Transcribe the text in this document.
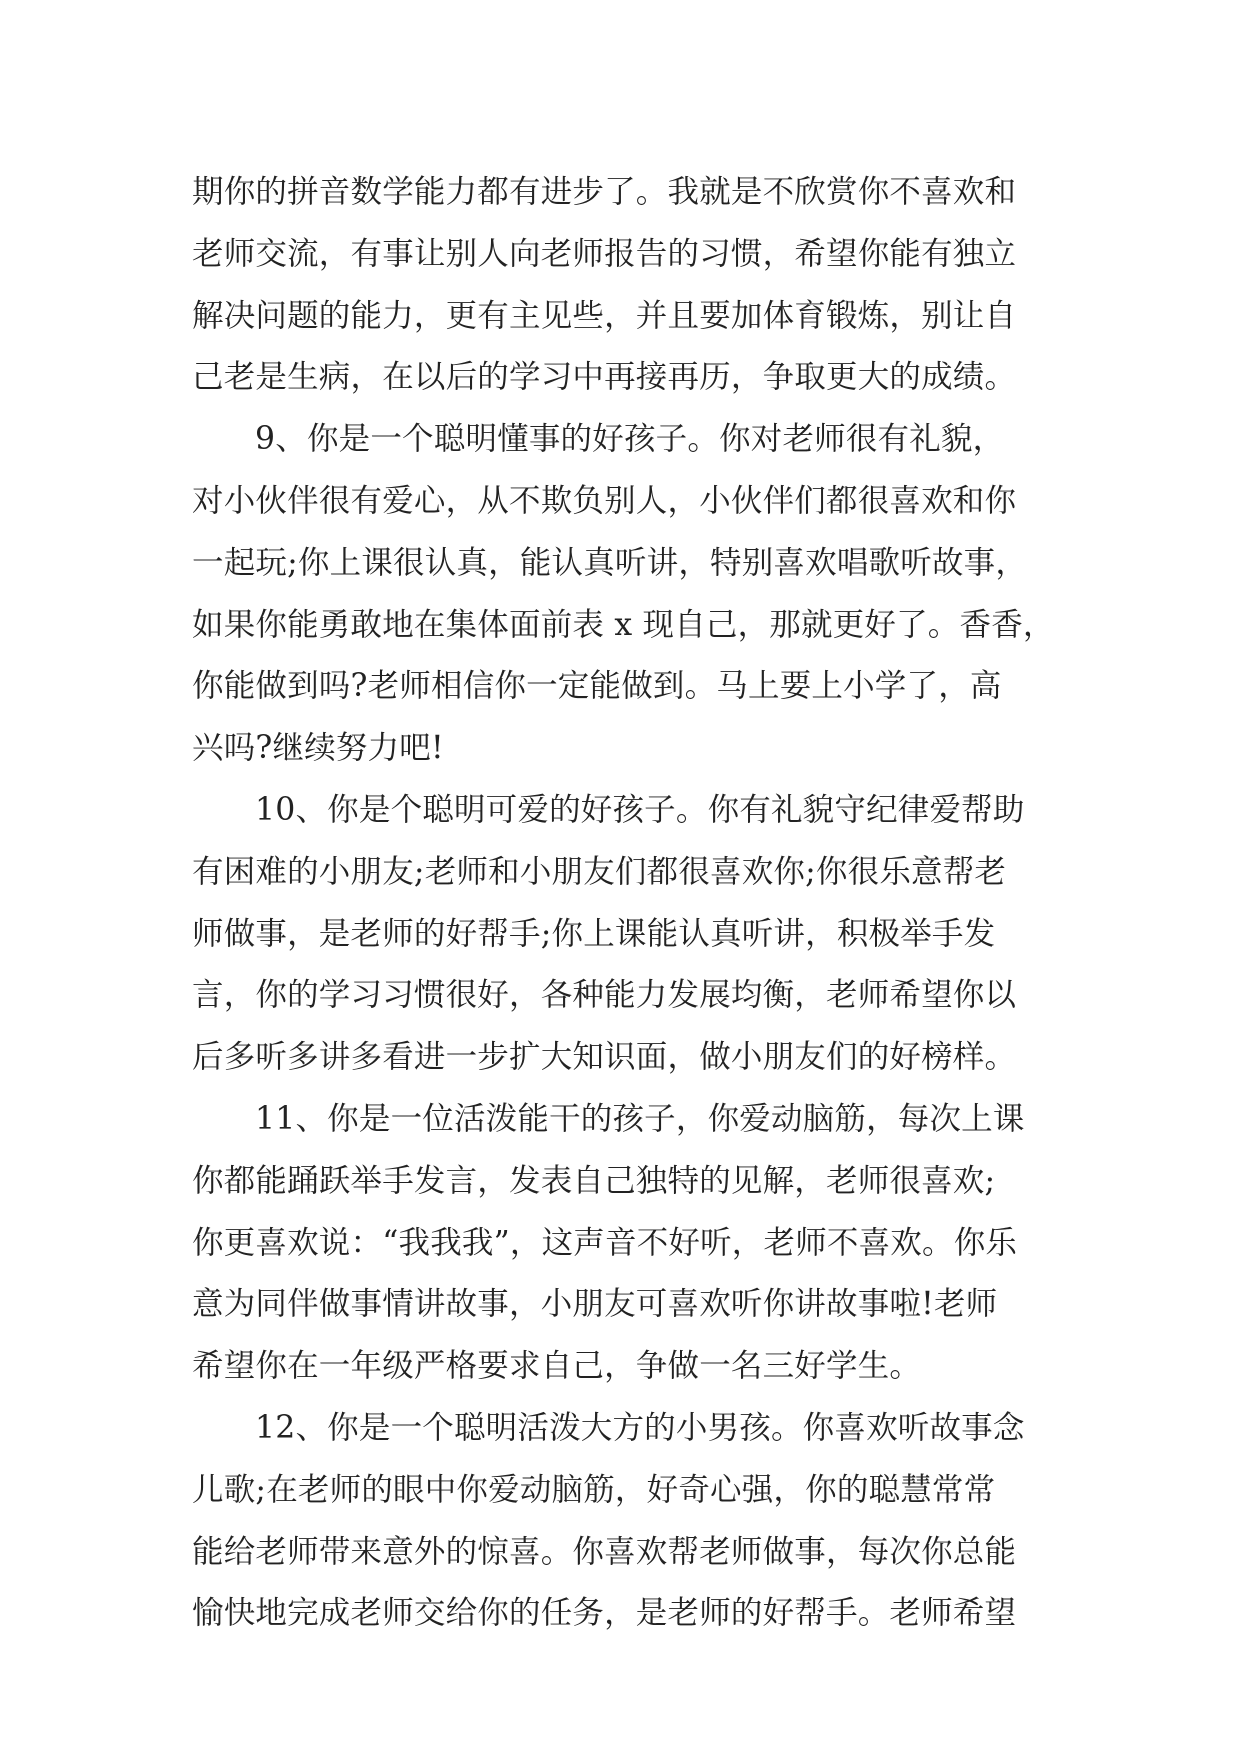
期你的拼音数学能力都有进步了。我就是不欣赏你不喜欢和

老师交流，有事让别人向老师报告的习惯，希望你能有独立

解决问题的能力，更有主见些，并且要加体育锻炼，别让自

己老是生病，在以后的学习中再接再历，争取更大的成绩。

9、你是一个聪明懂事的好孩子。你对老师很有礼貌，

对小伙伴很有爱心，从不欺负别人，小伙伴们都很喜欢和你

一起玩;你上课很认真，能认真听讲，特别喜欢唱歌听故事，

如果你能勇敢地在集体面前表 x 现自己，那就更好了。香香，

你能做到吗?老师相信你一定能做到。马上要上小学了，高

兴吗?继续努力吧!

10、你是个聪明可爱的好孩子。你有礼貌守纪律爱帮助

有困难的小朋友;老师和小朋友们都很喜欢你;你很乐意帮老

师做事，是老师的好帮手;你上课能认真听讲，积极举手发

言，你的学习习惯很好，各种能力发展均衡，老师希望你以

后多听多讲多看进一步扩大知识面，做小朋友们的好榜样。

11、你是一位活泼能干的孩子，你爱动脑筋，每次上课

你都能踊跃举手发言，发表自己独特的见解，老师很喜欢;

你更喜欢说：“我我我”，这声音不好听，老师不喜欢。你乐

意为同伴做事情讲故事，小朋友可喜欢听你讲故事啦!老师

希望你在一年级严格要求自己，争做一名三好学生。

12、你是一个聪明活泼大方的小男孩。你喜欢听故事念

儿歌;在老师的眼中你爱动脑筋，好奇心强，你的聪慧常常

能给老师带来意外的惊喜。你喜欢帮老师做事，每次你总能

愉快地完成老师交给你的任务，是老师的好帮手。老师希望
